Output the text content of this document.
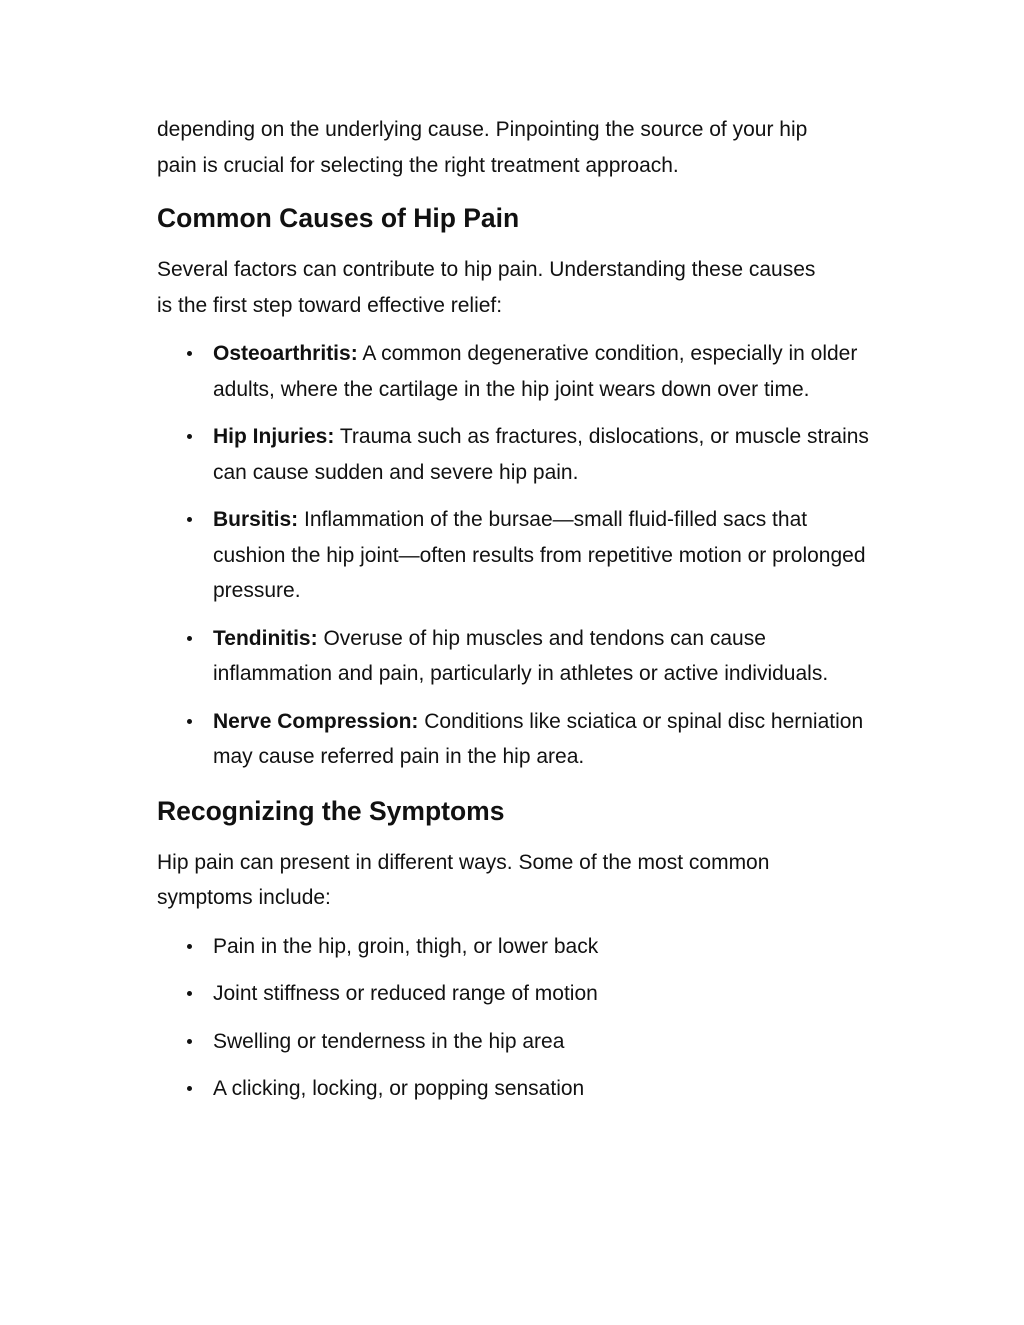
depending on the underlying cause. Pinpointing the source of your hip pain is crucial for selecting the right treatment approach.

Common Causes of Hip Pain

Several factors can contribute to hip pain. Understanding these causes is the first step toward effective relief:

Osteoarthritis: A common degenerative condition, especially in older adults, where the cartilage in the hip joint wears down over time.
Hip Injuries: Trauma such as fractures, dislocations, or muscle strains can cause sudden and severe hip pain.
Bursitis: Inflammation of the bursae—small fluid-filled sacs that cushion the hip joint—often results from repetitive motion or prolonged pressure.
Tendinitis: Overuse of hip muscles and tendons can cause inflammation and pain, particularly in athletes or active individuals.
Nerve Compression: Conditions like sciatica or spinal disc herniation may cause referred pain in the hip area.
Recognizing the Symptoms

Hip pain can present in different ways. Some of the most common symptoms include:

Pain in the hip, groin, thigh, or lower back
Joint stiffness or reduced range of motion
Swelling or tenderness in the hip area
A clicking, locking, or popping sensation
